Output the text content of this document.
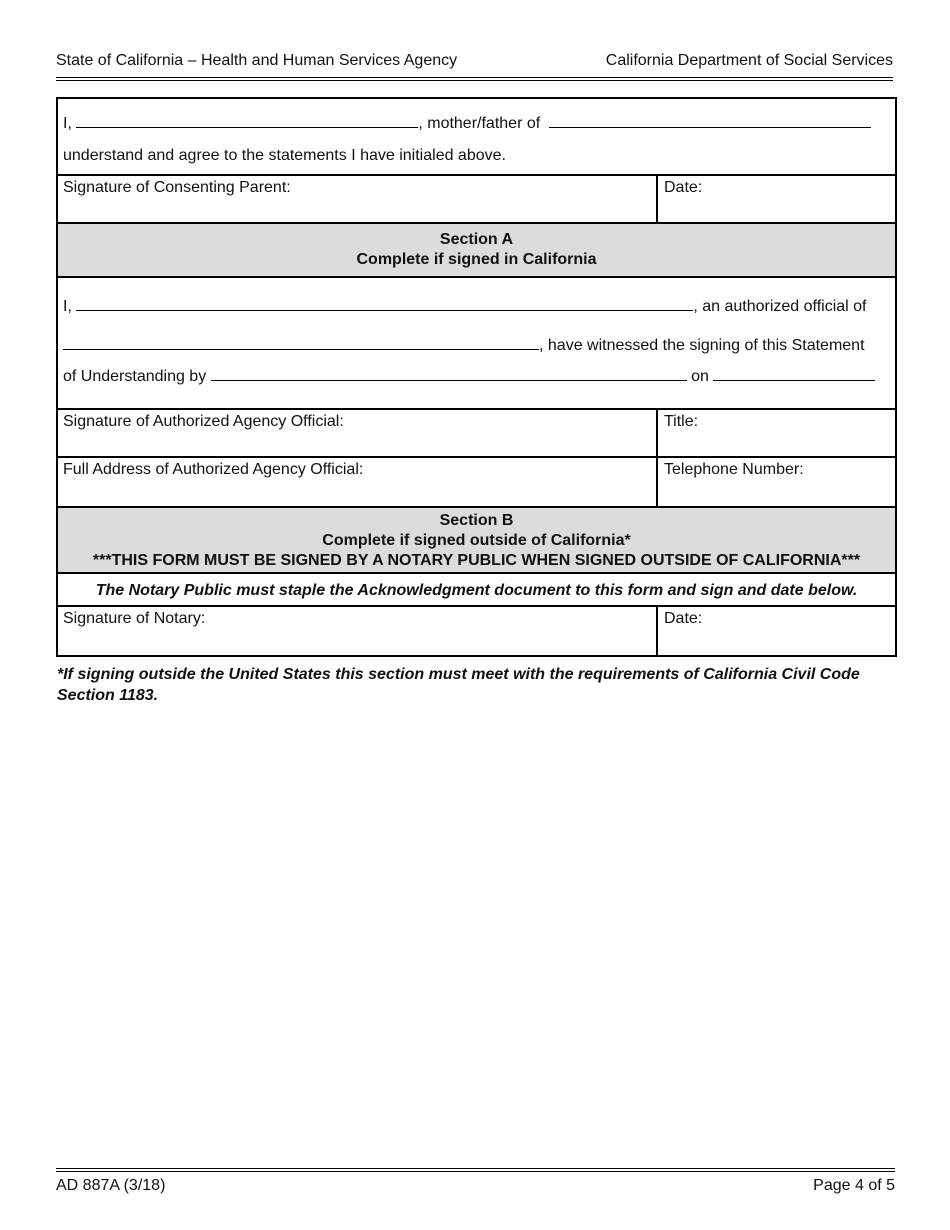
State of California – Health and Human Services Agency	California Department of Social Services
I,	, mother/father of
understand and agree to the statements I have initialed above.
Signature of Consenting Parent:	Date:
Section A
Complete if signed in California
I,	, an authorized official of
, have witnessed the signing of this Statement
of Understanding by	on
Signature of Authorized Agency Official:	Title:
Full Address of Authorized Agency Official:	Telephone Number:
Section B
Complete if signed outside of California*
***THIS FORM MUST BE SIGNED BY A NOTARY PUBLIC WHEN SIGNED OUTSIDE OF CALIFORNIA***
The Notary Public must staple the Acknowledgment document to this form and sign and date below.
Signature of Notary:	Date:
*If signing outside the United States this section must meet with the requirements of California Civil Code Section 1183.
AD 887A (3/18)	Page 4 of 5
